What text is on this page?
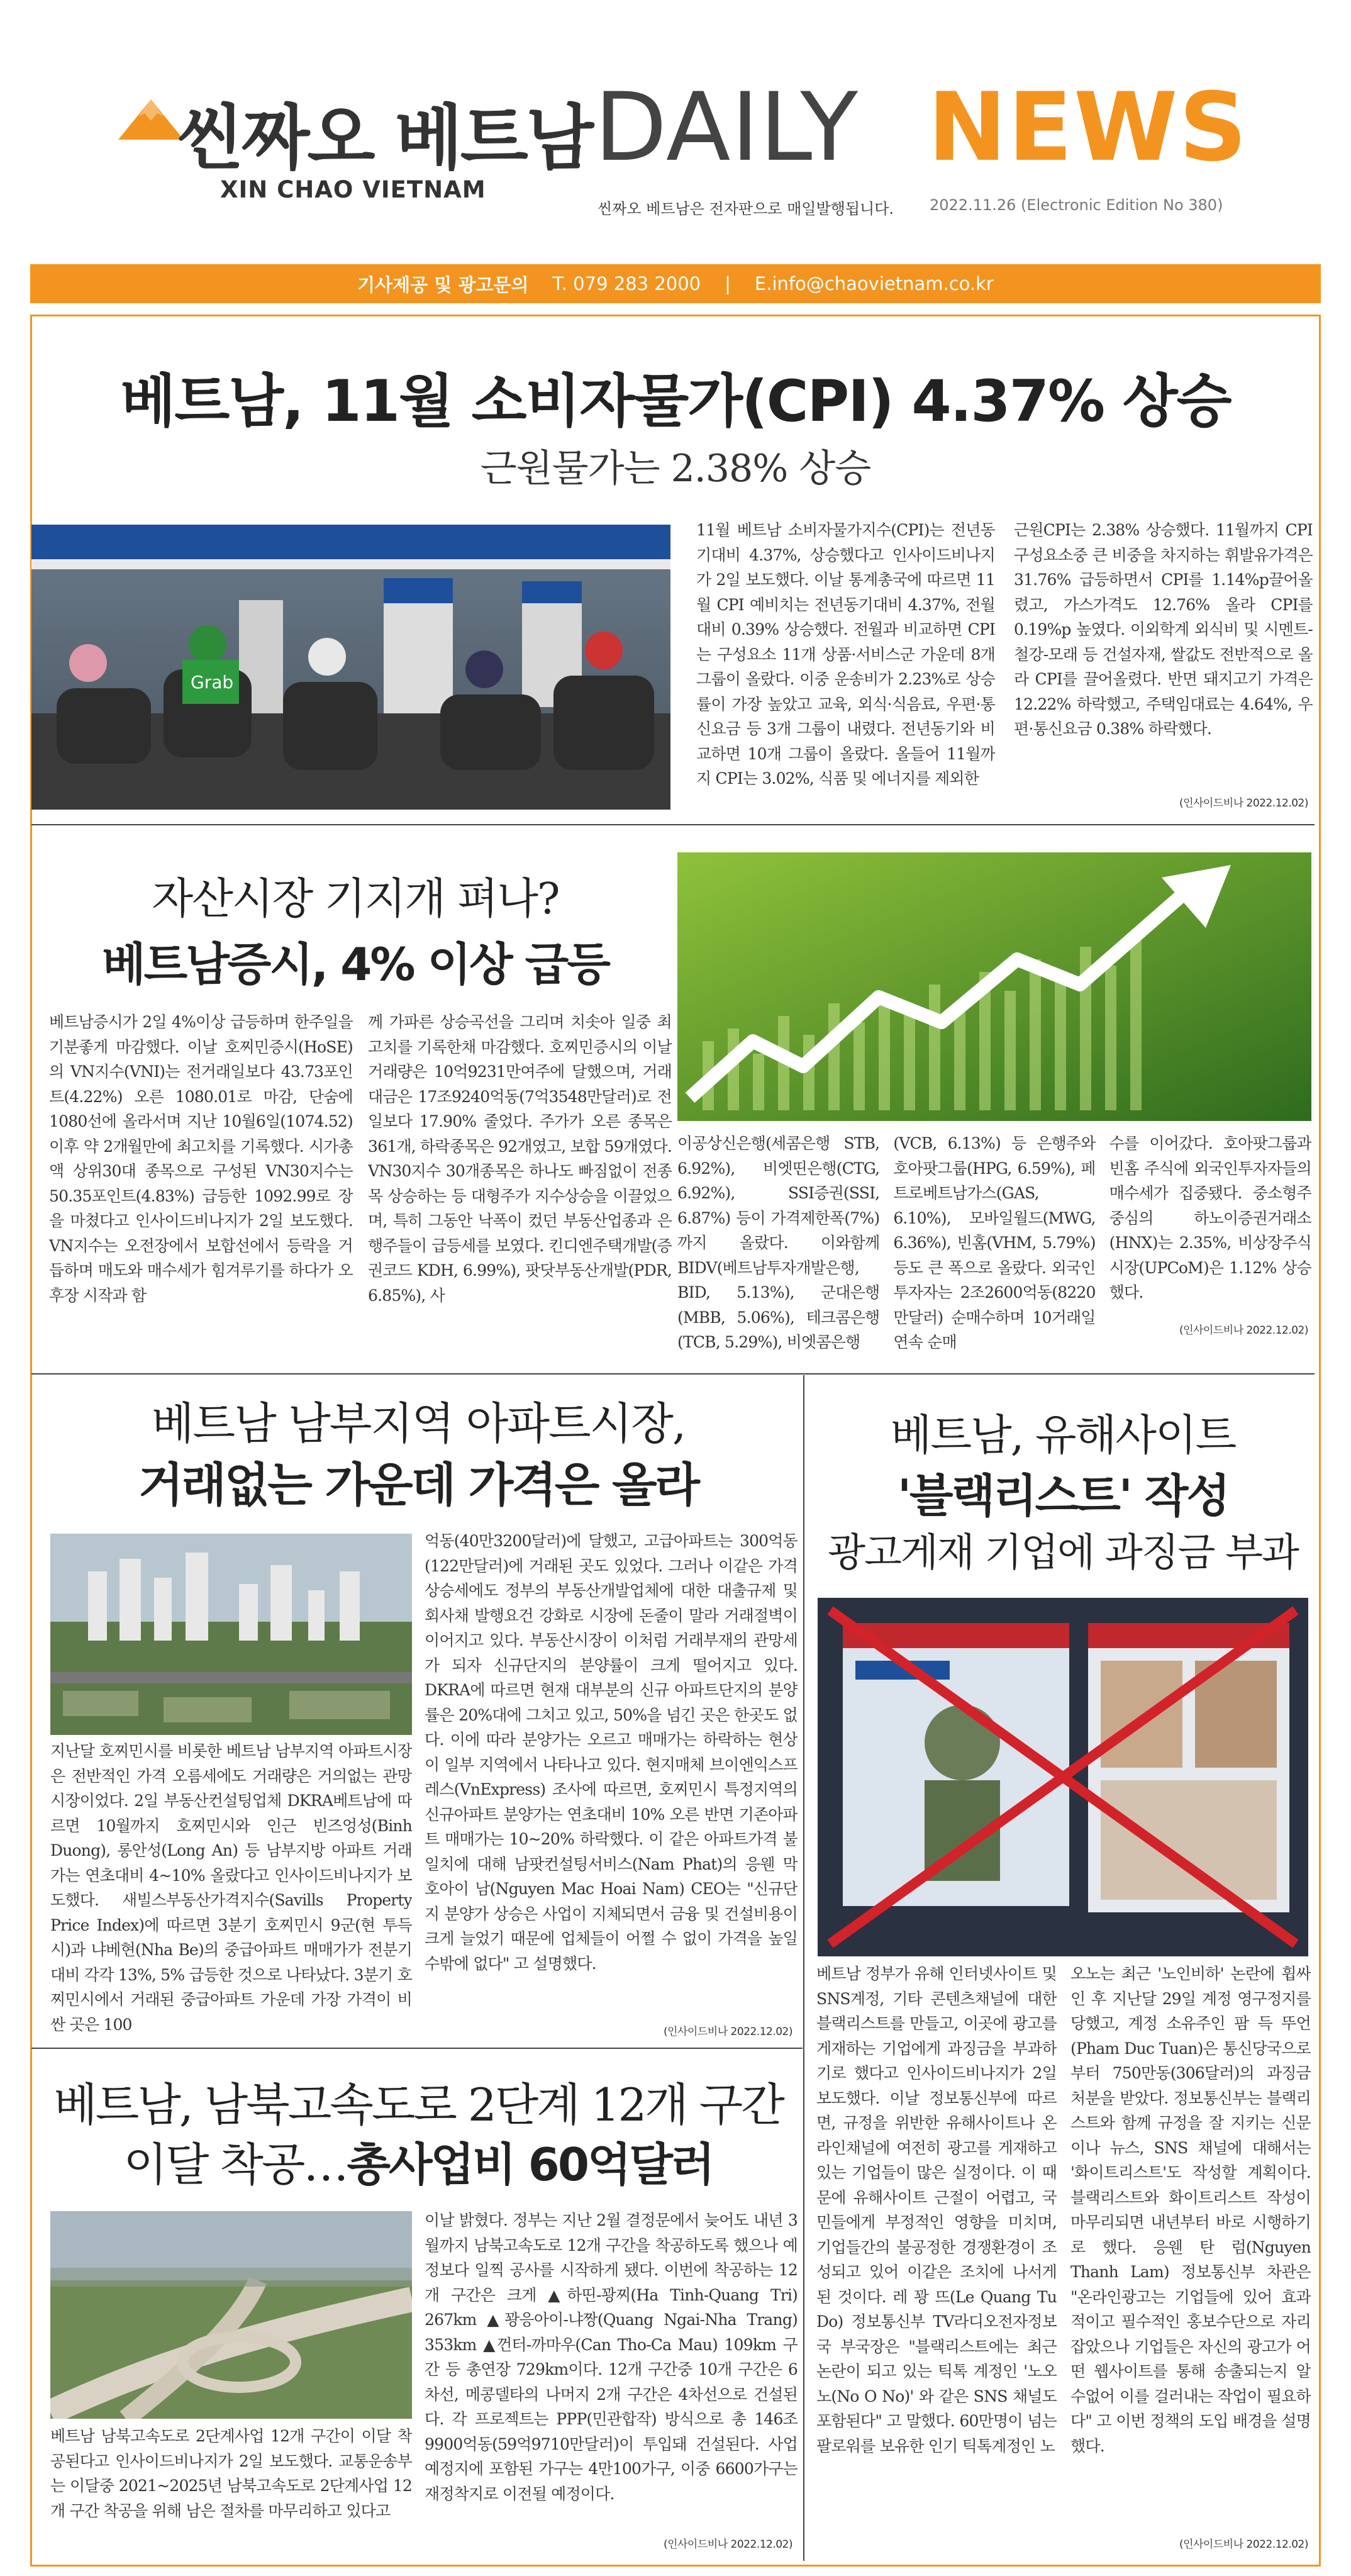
씬짜오 베트남
XIN CHAO VIETNAM
DAILY NEWS
씬짜오 베트남은 전자판으로 매일발행됩니다. 2022.11.26 (Electronic Edition No 380)
기사제공 및 광고문의 T. 079 283 2000 | E.info@chaovietnam.co.kr
베트남, 11월 소비자물가(CPI) 4.37% 상승
근원물가는 2.38% 상승
Grab
11월 베트남 소비자물가지수(CPI)는 전년동기대비 4.37%, 상승했다고 인사이드비나지가 2일 보도했다. 이날 통계총국에 따르면 11월 CPI 예비치는 전년동기대비 4.37%, 전월대비 0.39% 상승했다. 전월과 비교하면 CPI는 구성요소 11개 상품·서비스군 가운데 8개 그룹이 올랐다. 이중 운송비가 2.23%로 상승률이 가장 높았고 교육, 외식·식음료, 우편·통신요금 등 3개 그룹이 내렸다. 전년동기와 비교하면 10개 그룹이 올랐다. 올들어 11월까지 CPI는 3.02%, 식품 및 에너지를 제외한
근원CPI는 2.38% 상승했다. 11월까지 CPI 구성요소중 큰 비중을 차지하는 휘발유가격은 31.76% 급등하면서 CPI를 1.14%p끌어올렸고, 가스가격도 12.76% 올라 CPI를 0.19%p 높였다. 이외학계 외식비 및 시멘트-철강-모래 등 건설자재, 쌀값도 전반적으로 올라 CPI를 끌어올렸다. 반면 돼지고기 가격은 12.22% 하락했고, 주택임대료는 4.64%, 우편·통신요금 0.38% 하락했다.
(인사이드비나 2022.12.02)
자산시장 기지개 펴나?
베트남증시, 4% 이상 급등
베트남증시가 2일 4%이상 급등하며 한주일을 기분좋게 마감했다. 이날 호찌민증시(HoSE)의 VN지수(VNI)는 전거래일보다 43.73포인트(4.22%) 오른 1080.01로 마감, 단숨에 1080선에 올라서며 지난 10월6일(1074.52) 이후 약 2개월만에 최고치를 기록했다. 시가총액 상위30대 종목으로 구성된 VN30지수는 50.35포인트(4.83%) 급등한 1092.99로 장을 마쳤다고 인사이드비나지가 2일 보도했다. VN지수는 오전장에서 보합선에서 등락을 거듭하며 매도와 매수세가 힘겨루기를 하다가 오후장 시작과 함
께 가파른 상승곡선을 그리며 치솟아 일중 최고치를 기록한채 마감했다. 호찌민증시의 이날 거래량은 10억9231만여주에 달했으며, 거래대금은 17조9240억동(7억3548만달러)로 전일보다 17.90% 줄었다. 주가가 오른 종목은 361개, 하락종목은 92개였고, 보합 59개였다. VN30지수 30개종목은 하나도 빠짐없이 전종목 상승하는 등 대형주가 지수상승을 이끌었으며, 특히 그동안 낙폭이 컸던 부동산업종과 은행주들이 급등세를 보였다. 킨디엔주택개발(증권코드 KDH, 6.99%), 팟닷부동산개발(PDR, 6.85%), 사
이공상신은행(세콤은행 STB, 6.92%), 비엣띤은행(CTG, 6.92%), SSI증권(SSI, 6.87%) 등이 가격제한폭(7%)까지 올랐다. 이와함께 BIDV(베트남투자개발은행, BID, 5.13%), 군대은행(MBB, 5.06%), 테크콤은행(TCB, 5.29%), 비엣콤은행
(VCB, 6.13%) 등 은행주와 호아팟그룹(HPG, 6.59%), 페트로베트남가스(GAS, 6.10%), 모바일월드(MWG, 6.36%), 빈홈(VHM, 5.79%) 등도 큰 폭으로 올랐다. 외국인투자자는 2조2600억동(8220만달러) 순매수하며 10거래일 연속 순매
수를 이어갔다. 호아팟그룹과 빈홈 주식에 외국인투자자들의 매수세가 집중됐다. 중소형주 중심의 하노이증권거래소(HNX)는 2.35%, 비상장주식시장(UPCoM)은 1.12% 상승했다.
(인사이드비나 2022.12.02)
베트남 남부지역 아파트시장,
거래없는 가운데 가격은 올라
억동(40만3200달러)에 달했고, 고급아파트는 300억동(122만달러)에 거래된 곳도 있었다. 그러나 이같은 가격 상승세에도 정부의 부동산개발업체에 대한 대출규제 및 회사채 발행요건 강화로 시장에 돈줄이 말라 거래절벽이 이어지고 있다. 부동산시장이 이처럼 거래부재의 관망세가 되자 신규단지의 분양률이 크게 떨어지고 있다. DKRA에 따르면 현재 대부분의 신규 아파트단지의 분양률은 20%대에 그치고 있고, 50%을 넘긴 곳은 한곳도 없다. 이에 따라 분양가는 오르고 매매가는 하락하는 현상이 일부 지역에서 나타나고 있다. 현지매체 브이엔익스프레스(VnExpress) 조사에 따르면, 호찌민시 특정지역의 신규아파트 분양가는 연초대비 10% 오른 반면 기존아파트 매매가는 10~20% 하락했다. 이 같은 아파트가격 불일치에 대해 남팟컨설팅서비스(Nam Phat)의 응웬 막 호아이 남(Nguyen Mac Hoai Nam) CEO는 "신규단지 분양가 상승은 사업이 지체되면서 금융 및 건설비용이 크게 늘었기 때문에 업체들이 어쩔 수 없이 가격을 높일 수밖에 없다" 고 설명했다.
지난달 호찌민시를 비롯한 베트남 남부지역 아파트시장은 전반적인 가격 오름세에도 거래량은 거의없는 관망시장이었다. 2일 부동산컨설팅업체 DKRA베트남에 따르면 10월까지 호찌민시와 인근 빈즈엉성(Binh Duong), 롱안성(Long An) 등 남부지방 아파트 거래가는 연초대비 4~10% 올랐다고 인사이드비나지가 보도했다. 새빌스부동산가격지수(Savills Property Price Index)에 따르면 3분기 호찌민시 9군(현 투득시)과 냐베현(Nha Be)의 중급아파트 매매가가 전분기대비 각각 13%, 5% 급등한 것으로 나타났다. 3분기 호찌민시에서 거래된 중급아파트 가운데 가장 가격이 비싼 곳은 100	(인사이드비나 2022.12.02)
베트남, 유해사이트
'블랙리스트' 작성
광고게재 기업에 과징금 부과
베트남 정부가 유해 인터넷사이트 및 SNS계정, 기타 콘텐츠채널에 대한 블랙리스트를 만들고, 이곳에 광고를 게재하는 기업에게 과징금을 부과하기로 했다고 인사이드비나지가 2일 보도했다. 이날 정보통신부에 따르면, 규정을 위반한 유해사이트나 온라인채널에 여전히 광고를 게재하고 있는 기업들이 많은 실정이다. 이 때문에 유해사이트 근절이 어렵고, 국민들에게 부정적인 영향을 미치며, 기업들간의 불공정한 경쟁환경이 조성되고 있어 이같은 조치에 나서게 된 것이다. 레 꽝 뜨(Le Quang Tu Do) 정보통신부 TV라디오전자정보국 부국장은 "블랙리스트에는 최근 논란이 되고 있는 틱톡 계정인 '노오노(No O No)' 와 같은 SNS 채널도 포함된다" 고 말했다. 60만명이 넘는 팔로워를 보유한 인기 틱톡계정인 노
오노는 최근 '노인비하' 논란에 휩싸인 후 지난달 29일 계정 영구정지를 당했고, 계정 소유주인 팜 득 뚜언(Pham Duc Tuan)은 통신당국으로부터 750만동(306달러)의 과징금 처분을 받았다. 정보통신부는 블랙리스트와 함께 규정을 잘 지키는 신문이나 뉴스, SNS 채널에 대해서는 '화이트리스트'도 작성할 계획이다. 블랙리스트와 화이트리스트 작성이 마무리되면 내년부터 바로 시행하기로 했다. 응웬 탄 럼(Nguyen Thanh Lam) 정보통신부 차관은 "온라인광고는 기업들에 있어 효과적이고 필수적인 홍보수단으로 자리잡았으나 기업들은 자신의 광고가 어떤 웹사이트를 통해 송출되는지 알 수없어 이를 걸러내는 작업이 필요하다" 고 이번 정책의 도입 배경을 설명했다.
(인사이드비나 2022.12.02)
베트남, 남북고속도로 2단계 12개 구간
이달 착공…총사업비 60억달러
이날 밝혔다. 정부는 지난 2월 결정문에서 늦어도 내년 3월까지 남북고속도로 12개 구간을 착공하도록 했으나 예정보다 일찍 공사를 시작하게 됐다. 이번에 착공하는 12개 구간은 크게 ▲하띤-꽝찌(Ha Tinh-Quang Tri) 267km ▲꽝응아이-냐짱(Quang Ngai-Nha Trang) 353km ▲껀터-까마우(Can Tho-Ca Mau) 109km 구간 등 총연장 729km이다. 12개 구간중 10개 구간은 6차선, 메콩델타의 나머지 2개 구간은 4차선으로 건설된다. 각 프로젝트는 PPP(민관합작) 방식으로 총 146조 9900억동(59억9710만달러)이 투입돼 건설된다. 사업예정지에 포함된 가구는 4만100가구, 이중 6600가구는 재정착지로 이전될 예정이다.
베트남 남북고속도로 2단계사업 12개 구간이 이달 착공된다고 인사이드비나지가 2일 보도했다. 교통운송부는 이달중 2021~2025년 남북고속도로 2단계사업 12개 구간 착공을 위해 남은 절차를 마무리하고 있다고
(인사이드비나 2022.12.02)
